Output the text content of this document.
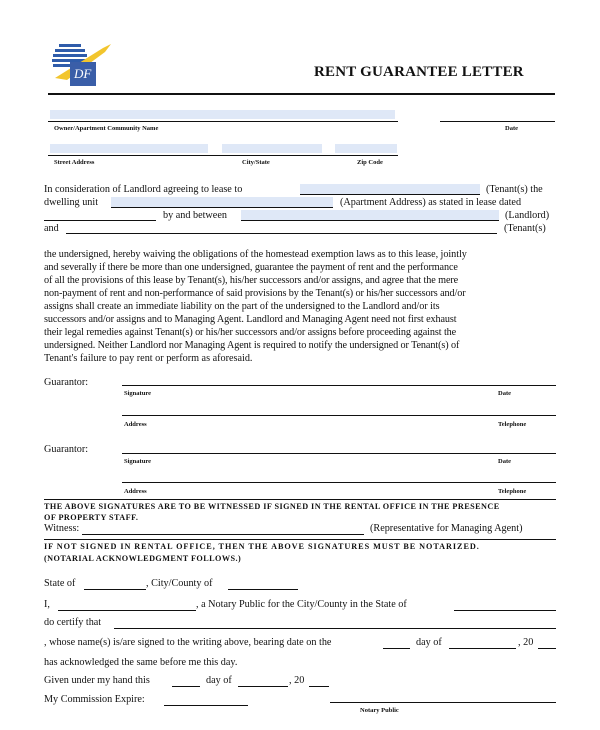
DF	RENT GUARANTEE LETTER
Owner/Apartment Community Name	Date
Street Address	City/State	Zip Code
In consideration of Landlord agreeing to lease to	(Tenant(s) the
dwelling unit	(Apartment Address) as stated in lease dated
by and between	(Landlord)
and	(Tenant(s)
the undersigned, hereby waiving the obligations of the homestead exemption laws as to this lease, jointly
and severally if there be more than one undersigned, guarantee the payment of rent and the performance
of all the provisions of this lease by Tenant(s), his/her successors and/or assigns, and agree that the mere
non-payment of rent and non-performance of said provisions by the Tenant(s) or his/her successors and/or
assigns shall create an immediate liability on the part of the undersigned to the Landlord and/or its
successors and/or assigns and to Managing Agent. Landlord and Managing Agent need not first exhaust
their legal remedies against Tenant(s) or his/her successors and/or assigns before proceeding against the
undersigned. Neither Landlord nor Managing Agent is required to notify the undersigned or Tenant(s) of
Tenant's failure to pay rent or perform as aforesaid.
Guarantor:
Signature	Date
Address	Telephone
Guarantor:
Signature	Date
Address	Telephone
THE ABOVE SIGNATURES ARE TO BE WITNESSED IF SIGNED IN THE RENTAL OFFICE IN THE PRESENCE
OF PROPERTY STAFF.
Witness:	(Representative for Managing Agent)
IF NOT SIGNED IN RENTAL OFFICE, THEN THE ABOVE SIGNATURES MUST BE NOTARIZED.
(NOTARIAL ACKNOWLEDGMENT FOLLOWS.)
State of	, City/County of
I,	, a Notary Public for the City/County in the State of
do certify that
, whose name(s) is/are signed to the writing above, bearing date on the	day of	, 20
has acknowledged the same before me this day.
Given under my hand this	day of	, 20
My Commission Expire:
Notary Public
